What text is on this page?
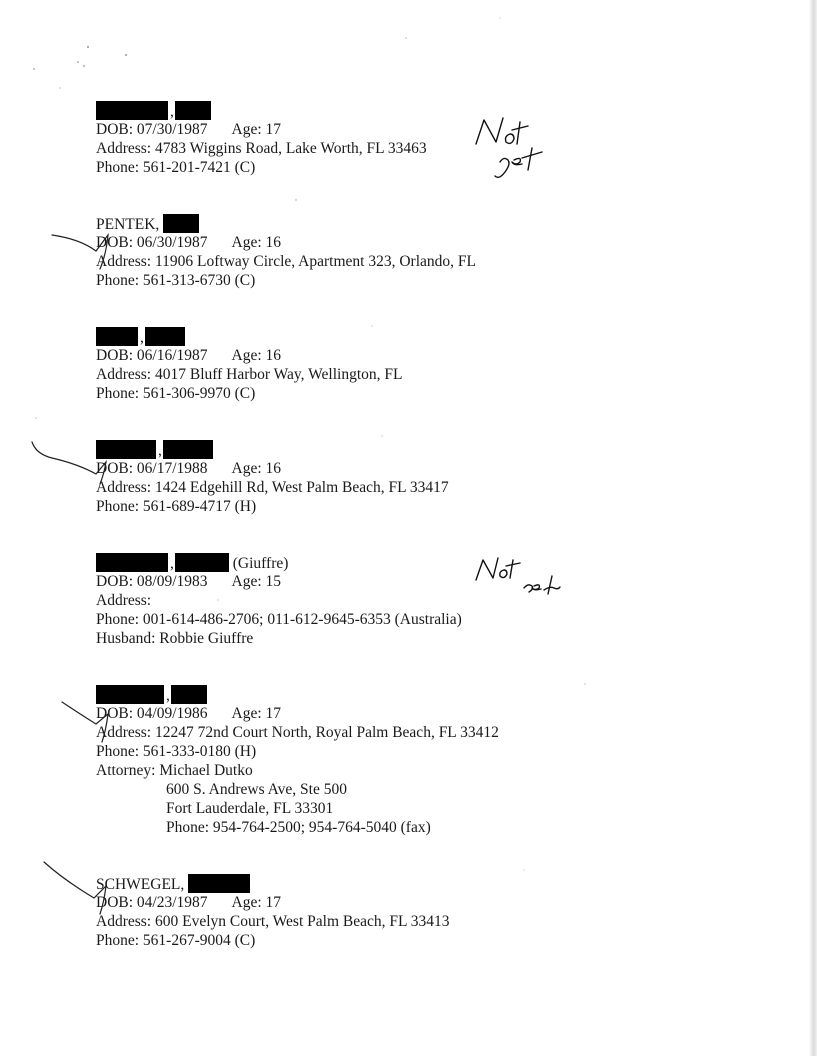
,
DOB: 07/30/1987 Age: 17
Address: 4783 Wiggins Road, Lake Worth, FL 33463
Phone: 561-201-7421 (C)
PENTEK,
DOB: 06/30/1987 Age: 16
Address: 11906 Loftway Circle, Apartment 323, Orlando, FL
Phone: 561-313-6730 (C)
,
DOB: 06/16/1987 Age: 16
Address: 4017 Bluff Harbor Way, Wellington, FL
Phone: 561-306-9970 (C)
,
DOB: 06/17/1988 Age: 16
Address: 1424 Edgehill Rd, West Palm Beach, FL 33417
Phone: 561-689-4717 (H)
,	(Giuffre)
DOB: 08/09/1983 Age: 15
Address:
Phone: 001-614-486-2706; 011-612-9645-6353 (Australia)
Husband: Robbie Giuffre
,
DOB: 04/09/1986 Age: 17
Address: 12247 72nd Court North, Royal Palm Beach, FL 33412
Phone: 561-333-0180 (H)
Attorney: Michael Dutko
600 S. Andrews Ave, Ste 500
Fort Lauderdale, FL 33301
Phone: 954-764-2500; 954-764-5040 (fax)
SCHWEGEL,
DOB: 04/23/1987 Age: 17
Address: 600 Evelyn Court, West Palm Beach, FL 33413
Phone: 561-267-9004 (C)
